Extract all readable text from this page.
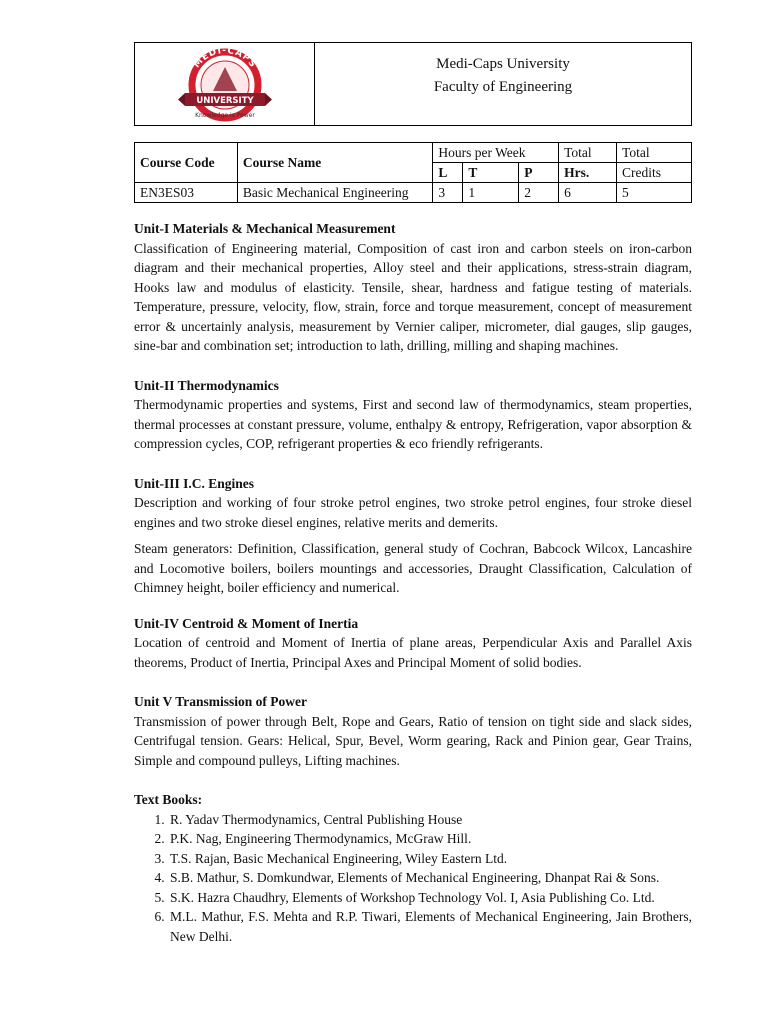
MEDI-CAPS
UNIVERSITY
Knowledge is Power
Medi-Caps University
Faculty of Engineering
Course Code	Course Name	Hours per Week			Total	Total
		L	T	P	Hrs.	Credits
EN3ES03	Basic Mechanical Engineering	3	1	2	6	5
Unit-I Materials & Mechanical Measurement

Classification of Engineering material, Composition of cast iron and carbon steels on iron-carbon diagram and their mechanical properties, Alloy steel and their applications, stress-strain diagram, Hooks law and modulus of elasticity. Tensile, shear, hardness and fatigue testing of materials. Temperature, pressure, velocity, flow, strain, force and torque measurement, concept of measurement error & uncertainly analysis, measurement by Vernier caliper, micrometer, dial gauges, slip gauges, sine-bar and combination set; introduction to lath, drilling, milling and shaping machines.

Unit-II Thermodynamics

Thermodynamic properties and systems, First and second law of thermodynamics, steam properties, thermal processes at constant pressure, volume, enthalpy & entropy, Refrigeration, vapor absorption & compression cycles, COP, refrigerant properties & eco friendly refrigerants.

Unit-III I.C. Engines

Description and working of four stroke petrol engines, two stroke petrol engines, four stroke diesel engines and two stroke diesel engines, relative merits and demerits.

Steam generators: Definition, Classification, general study of Cochran, Babcock Wilcox, Lancashire and Locomotive boilers, boilers mountings and accessories, Draught Classification, Calculation of Chimney height, boiler efficiency and numerical.

Unit-IV Centroid & Moment of Inertia

Location of centroid and Moment of Inertia of plane areas, Perpendicular Axis and Parallel Axis theorems, Product of Inertia, Principal Axes and Principal Moment of solid bodies.

Unit V Transmission of Power

Transmission of power through Belt, Rope and Gears, Ratio of tension on tight side and slack sides, Centrifugal tension. Gears: Helical, Spur, Bevel, Worm gearing, Rack and Pinion gear, Gear Trains, Simple and compound pulleys, Lifting machines.

Text Books:
1. R. Yadav Thermodynamics, Central Publishing House
2. P.K. Nag, Engineering Thermodynamics, McGraw Hill.
3. T.S. Rajan, Basic Mechanical Engineering, Wiley Eastern Ltd.
4. S.B. Mathur, S. Domkundwar, Elements of Mechanical Engineering, Dhanpat Rai & Sons.
5. S.K. Hazra Chaudhry, Elements of Workshop Technology Vol. I, Asia Publishing Co. Ltd.
6. M.L. Mathur, F.S. Mehta and R.P. Tiwari, Elements of Mechanical Engineering, Jain Brothers, New Delhi.
